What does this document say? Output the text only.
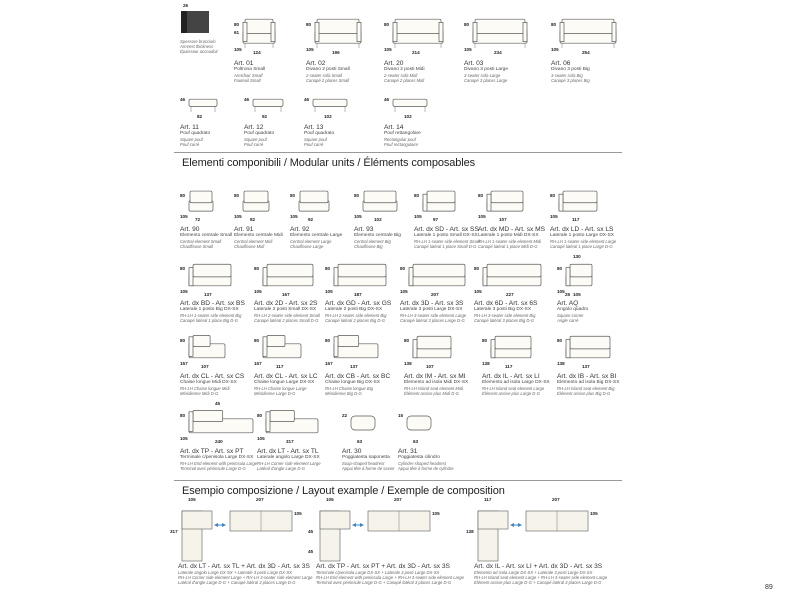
26
Spessore bracciolo
Armrest thickness
Épaisseur accoudoir
80
105
61
124
Art. 01
Poltrona Small
Armchair Small
Fauteuil Small
80
105
196
Art. 02
Divano 2 posti Small
2-seater sofa Small
Canapé 2 places Small
80
105
214
Art. 20
Divano 2 posti Midi
2-seater sofa Midi
Canapé 2 places Midi
80
105
234
Art. 03
Divano 3 posti Large
3-seater sofa Large
Canapé 3 places Large
80
105
254
Art. 06
Divano 3 posti Big
3-seater sofa Big
Canapé 3 places Big
46
82
Art. 11
Pouf quadrato
Square pouf
Pouf carré
46
92
Art. 12
Pouf quadrato
Square pouf
Pouf carré
46
102
Art. 13
Pouf quadrato
Square pouf
Pouf carré
46
102
Art. 14
Pouf rettangolare
Rectangular pouf
Pouf rectangulaire
Elementi componibili / Modular units / Éléments composables
80
105
72
Art. 90
Elemento centrale Small
Central element Small
Chauffeuse Small
80
105
82
Art. 91
Elemento centrale Midi
Central element Midi
Chauffeuse Midi
80
105
92
Art. 92
Elemento centrale Large
Central element Large
Chauffeuse Large
80
105
102
Art. 93
Elemento centrale Big
Central element Big
Chauffeuse Big
80
105
97
Art. dx SD - Art. sx SS
Laterale 1 posto Small DX-SX
RH-LH 1-seater side element Small
Canapé latéral 1 place Small D-G
80
105
107
Art. dx MD - Art. sx MS
Laterale 1 posto Midi DX-SX
RH-LH 1-seater side element Midi
Canapé latéral 1 place Midi D-G
80
105
117
Art. dx LD - Art. sx LS
Laterale 1 posto Large DX-SX
RH-LH 1-seater side element Large
Canapé latéral 1 place Large D-G
80
105
137
Art. dx BD - Art. sx BS
Laterale 1 posto Big DX-SX
RH-LH 1-seater side element Big
Canapé latéral 1 place Big D-G
80
105
167
Art. dx 2D - Art. sx 2S
Laterale 2 posti Small DX-SX
RH-LH 2-seater side element Small
Canapé latéral 2 places Small D-G
80
105
187
Art. dx GD - Art. sx GS
Laterale 2 posti Big DX-SX
RH-LH 2-seater side element Big
Canapé latéral 2 places Big D-G
80
105
207
Art. dx 3D - Art. sx 3S
Laterale 3 posti Large DX-SX
RH-LH 3-seater side element Large
Canapé latéral 3 places Large D-G
80
105
227
Art. dx 6D - Art. sx 6S
Laterale 3 posti Big DX-SX
RH-LH 3-seater side element Big
Canapé latéral 3 places Big D-G
80
105
105
130
25
Art. AQ
Angolo quadro
Square corner
Angle carré
80
157
107
Art. dx CL - Art. sx CS
Chaise longue Midi DX-SX
RH-LH Chaise longue Midi
Méridienne Midi D-G
80
157
117
Art. dx CL - Art. sx LC
Chaise longue Large DX-SX
RH-LH Chaise longue Large
Méridienne Large D-G
80
157
137
Art. dx CB - Art. sx BC
Chaise longue Big DX-SX
RH-LH Chaise longue Big
Méridienne Big D-G
80
138
107
Art. dx IM - Art. sx MI
Elemento ad isola Midi DX-SX
RH-LH Island seat element Midi
Élément assise plus Midi D-G
80
138
117
Art. dx IL - Art. sx LI
Elemento ad isola Large DX-SX
RH-LH Island seat element Large
Élément assise plus Large D-G
80
138
137
Art. dx IB - Art. sx BI
Elemento ad isola Big DX-SX
RH-LH Island seat element Big
Élément assise plus Big D-G
80
105
240
45
Art. dx TP - Art. sx PT
Terminale c/penisola Large DX-SX
RH-LH End element with peninsula Large
Terminal avec péninsule Large D-G
80
105
317
Art. dx LT - Art. sx TL
Laterale angolo Large DX-SX
RH-LH Corner side element Large
Latéral d'angle Large D-G
22
63
Art. 30
Poggiatesta saponetta
Soap-shaped headrest
Appui tête à forme de savon
15
63
Art. 31
Poggiatesta cilindro
Cylinder-shaped headrest
Appui tête à forme de cylindre
Esempio composizione / Layout example / Exemple de composition
105	207
317
105
Art. dx LT - Art. sx TL + Art. dx 3D - Art. sx 3S
Laterale angolo Large DX-SX + Laterale 3 posti Large DX-SX
RH-LH Corner side element Large + RH-LH 3-seater side element Large
Latéral d'angle Large D-G + Canapé latéral 3 places Large D-G
105	207
45
105
Art. dx TP - Art. sx PT + Art. dx 3D - Art. sx 3S
Terminale c/penisola Large DX-SX + Laterale 3 posti Large DX-SX
RH-LH End element with peninsula Large + RH-LH 3-seater side element Large
Terminal avec péninsule Large D-G + Canapé latéral 3 places Large D-G
45
117	207
138
105
Art. dx IL - Art. sx LI + Art. dx 3D - Art. sx 3S
Elemento ad isola Large DX-SX + Laterale 3 posti Large DX-SX
RH-LH Island seat element Large + RH-LH 3-seater side element Large
Élément assise plus Large D-G + Canapé latéral 3 places Large D-G
89
